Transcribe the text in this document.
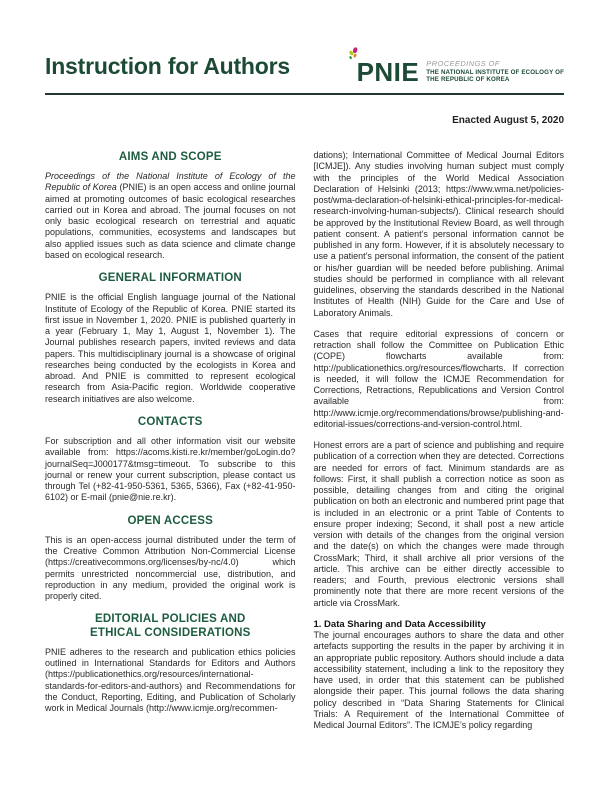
Instruction for Authors	PNIE PROCEEDINGS OF
THE NATIONAL INSTITUTE OF ECOLOGY OF
THE REPUBLIC OF KOREA
Enacted August 5, 2020
AIMS AND SCOPE

Proceedings of the National Institute of Ecology of the Republic of Korea (PNIE) is an open access and online journal aimed at promoting outcomes of basic ecological researches carried out in Korea and abroad. The journal focuses on not only basic ecological research on terrestrial and aquatic populations, communities, ecosystems and landscapes but also applied issues such as data science and climate change based on ecological research.

GENERAL INFORMATION

PNIE is the official English language journal of the National Institute of Ecology of the Republic of Korea. PNIE started its first issue in November 1, 2020. PNIE is published quarterly in a year (February 1, May 1, August 1, November 1). The Journal publishes research papers, invited reviews and data papers. This multidisciplinary journal is a showcase of original researches being conducted by the ecologists in Korea and abroad. And PNIE is committed to represent ecological research from Asia-Pacific region. Worldwide cooperative research initiatives are also welcome.

CONTACTS

For subscription and all other information visit our website available from: https://acoms.kisti.re.kr/member/goLogin.do?journalSeq=J000177&tmsg=timeout. To subscribe to this journal or renew your current subscription, please contact us through Tel (+82-41-950-5361, 5365, 5366), Fax (+82-41-950-6102) or E-mail (pnie@nie.re.kr).

OPEN ACCESS

This is an open-access journal distributed under the term of the Creative Common Attribution Non-Commercial License (https://creativecommons.org/licenses/by-nc/4.0) which permits unrestricted noncommercial use, distribution, and reproduction in any medium, provided the original work is properly cited.

EDITORIAL POLICIES AND
ETHICAL CONSIDERATIONS

PNIE adheres to the research and publication ethics policies outlined in International Standards for Editors and Authors (https://publicationethics.org/resources/international-standards-for-editors-and-authors) and Recommendations for the Conduct, Reporting, Editing, and Publication of Scholarly work in Medical Journals (http://www.icmje.org/recommen-

dations); International Committee of Medical Journal Editors [ICMJE]). Any studies involving human subject must comply with the principles of the World Medical Association Declaration of Helsinki (2013; https://www.wma.net/policies-post/wma-declaration-of-helsinki-ethical-principles-for-medical-research-involving-human-subjects/). Clinical research should be approved by the Institutional Review Board, as well through patient consent. A patient’s personal information cannot be published in any form. However, if it is absolutely necessary to use a patient’s personal information, the consent of the patient or his/her guardian will be needed before publishing. Animal studies should be performed in compliance with all relevant guidelines, observing the standards described in the National Institutes of Health (NIH) Guide for the Care and Use of Laboratory Animals.

Cases that require editorial expressions of concern or retraction shall follow the Committee on Publication Ethic (COPE) flowcharts available from: http://publicationethics.org/resources/flowcharts. If correction is needed, it will follow the ICMJE Recommendation for Corrections, Retractions, Republications and Version Control available from: http://www.icmje.org/recommendations/browse/publishing-and-editorial-issues/corrections-and-version-control.html.

Honest errors are a part of science and publishing and require publication of a correction when they are detected. Corrections are needed for errors of fact. Minimum standards are as follows: First, it shall publish a correction notice as soon as possible, detailing changes from and citing the original publication on both an electronic and numbered print page that is included in an electronic or a print Table of Contents to ensure proper indexing; Second, it shall post a new article version with details of the changes from the original version and the date(s) on which the changes were made through CrossMark; Third, it shall archive all prior versions of the article. This archive can be either directly accessible to readers; and Fourth, previous electronic versions shall prominently note that there are more recent versions of the article via CrossMark.

1. Data Sharing and Data Accessibility

The journal encourages authors to share the data and other artefacts supporting the results in the paper by archiving it in an appropriate public repository. Authors should include a data accessibility statement, including a link to the repository they have used, in order that this statement can be published alongside their paper. This journal follows the data sharing policy described in “Data Sharing Statements for Clinical Trials: A Requirement of the International Committee of Medical Journal Editors”. The ICMJE’s policy regarding
